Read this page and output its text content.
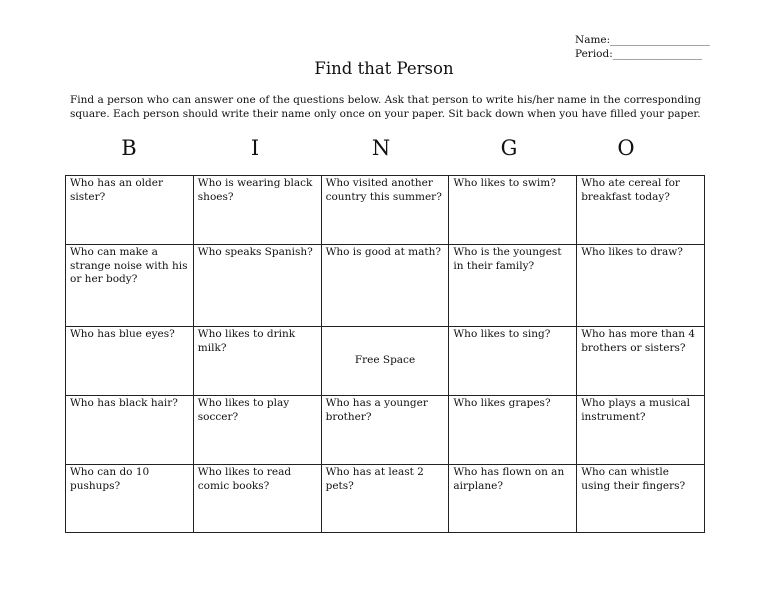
Name:___________________
Period:_________________
Find that Person
Find a person who can answer one of the questions below. Ask that person to write his/her name in the corresponding
square. Each person should write their name only once on your paper. Sit back down when you have filled your paper.
B	I	N	G	O
Who has an older sister?	Who is wearing black shoes?	Who visited another country this summer?	Who likes to swim?	Who ate cereal for breakfast today?
Who can make a strange noise with his or her body?	Who speaks Spanish?	Who is good at math?	Who is the youngest in their family?	Who likes to draw?
Who has blue eyes?	Who likes to drink milk?	Free Space	Who likes to sing?	Who has more than 4 brothers or sisters?
Who has black hair?	Who likes to play soccer?	Who has a younger brother?	Who likes grapes?	Who plays a musical instrument?
Who can do 10 pushups?	Who likes to read comic books?	Who has at least 2 pets?	Who has flown on an airplane?	Who can whistle using their fingers?
